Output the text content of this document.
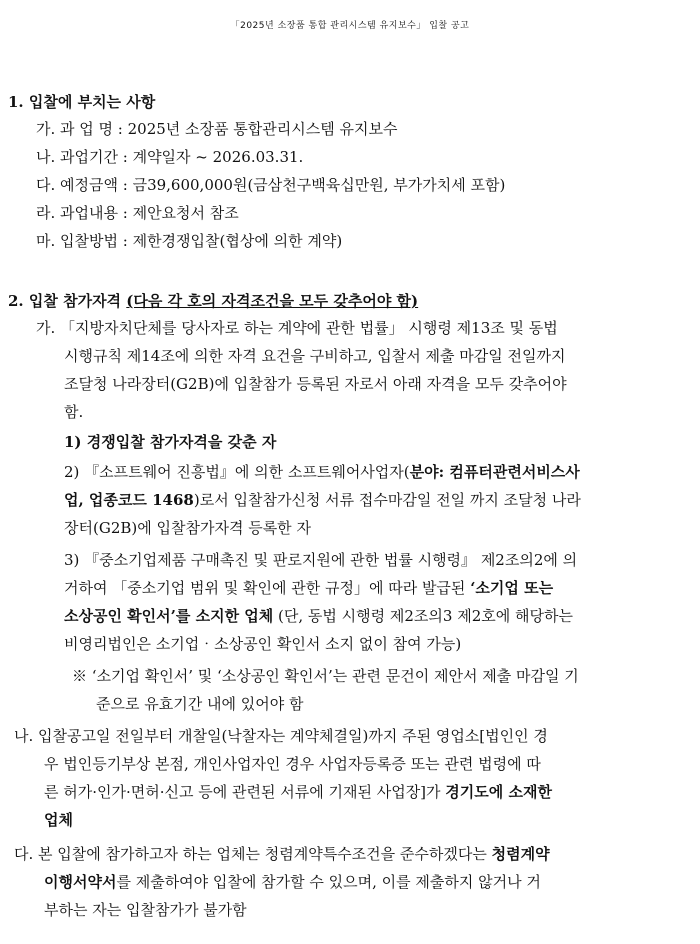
「2025년 소장품 통합 관리시스템 유지보수」 입찰 공고
1. 입찰에 부치는 사항
가. 과 업 명 : 2025년 소장품 통합관리시스템 유지보수
나. 과업기간 : 계약일자 ~ 2026.03.31.
다. 예정금액 : 금39,600,000원(금삼천구백육십만원, 부가가치세 포함)
라. 과업내용 : 제안요청서 참조
마. 입찰방법 : 제한경쟁입찰(협상에 의한 계약)
2. 입찰 참가자격 (다음 각 호의 자격조건을 모두 갖추어야 함)
가. 「지방자치단체를 당사자로 하는 계약에 관한 법률」 시행령 제13조 및 동법
시행규칙 제14조에 의한 자격 요건을 구비하고, 입찰서 제출 마감일 전일까지
조달청 나라장터(G2B)에 입찰참가 등록된 자로서 아래 자격을 모두 갖추어야
함.
1) 경쟁입찰 참가자격을 갖춘 자
2) 『소프트웨어 진흥법』에 의한 소프트웨어사업자(분야: 컴퓨터관련서비스사
업, 업종코드 1468)로서 입찰참가신청 서류 접수마감일 전일 까지 조달청 나라
장터(G2B)에 입찰참가자격 등록한 자
3) 『중소기업제품 구매촉진 및 판로지원에 관한 법률 시행령』 제2조의2에 의
거하여 「중소기업 범위 및 확인에 관한 규정」에 따라 발급된 ‘소기업 또는
소상공인 확인서’를 소지한 업체 (단, 동법 시행령 제2조의3 제2호에 해당하는
비영리법인은 소기업‧소상공인 확인서 소지 없이 참여 가능)
※ ‘소기업 확인서’ 및 ‘소상공인 확인서’는 관련 문건이 제안서 제출 마감일 기
준으로 유효기간 내에 있어야 함
나. 입찰공고일 전일부터 개찰일(낙찰자는 계약체결일)까지 주된 영업소[법인인 경
우 법인등기부상 본점, 개인사업자인 경우 사업자등록증 또는 관련 법령에 따
른 허가·인가·면허·신고 등에 관련된 서류에 기재된 사업장]가 경기도에 소재한
업체
다. 본 입찰에 참가하고자 하는 업체는 청렴계약특수조건을 준수하겠다는 청렴계약
이행서약서를 제출하여야 입찰에 참가할 수 있으며, 이를 제출하지 않거나 거
부하는 자는 입찰참가가 불가함
